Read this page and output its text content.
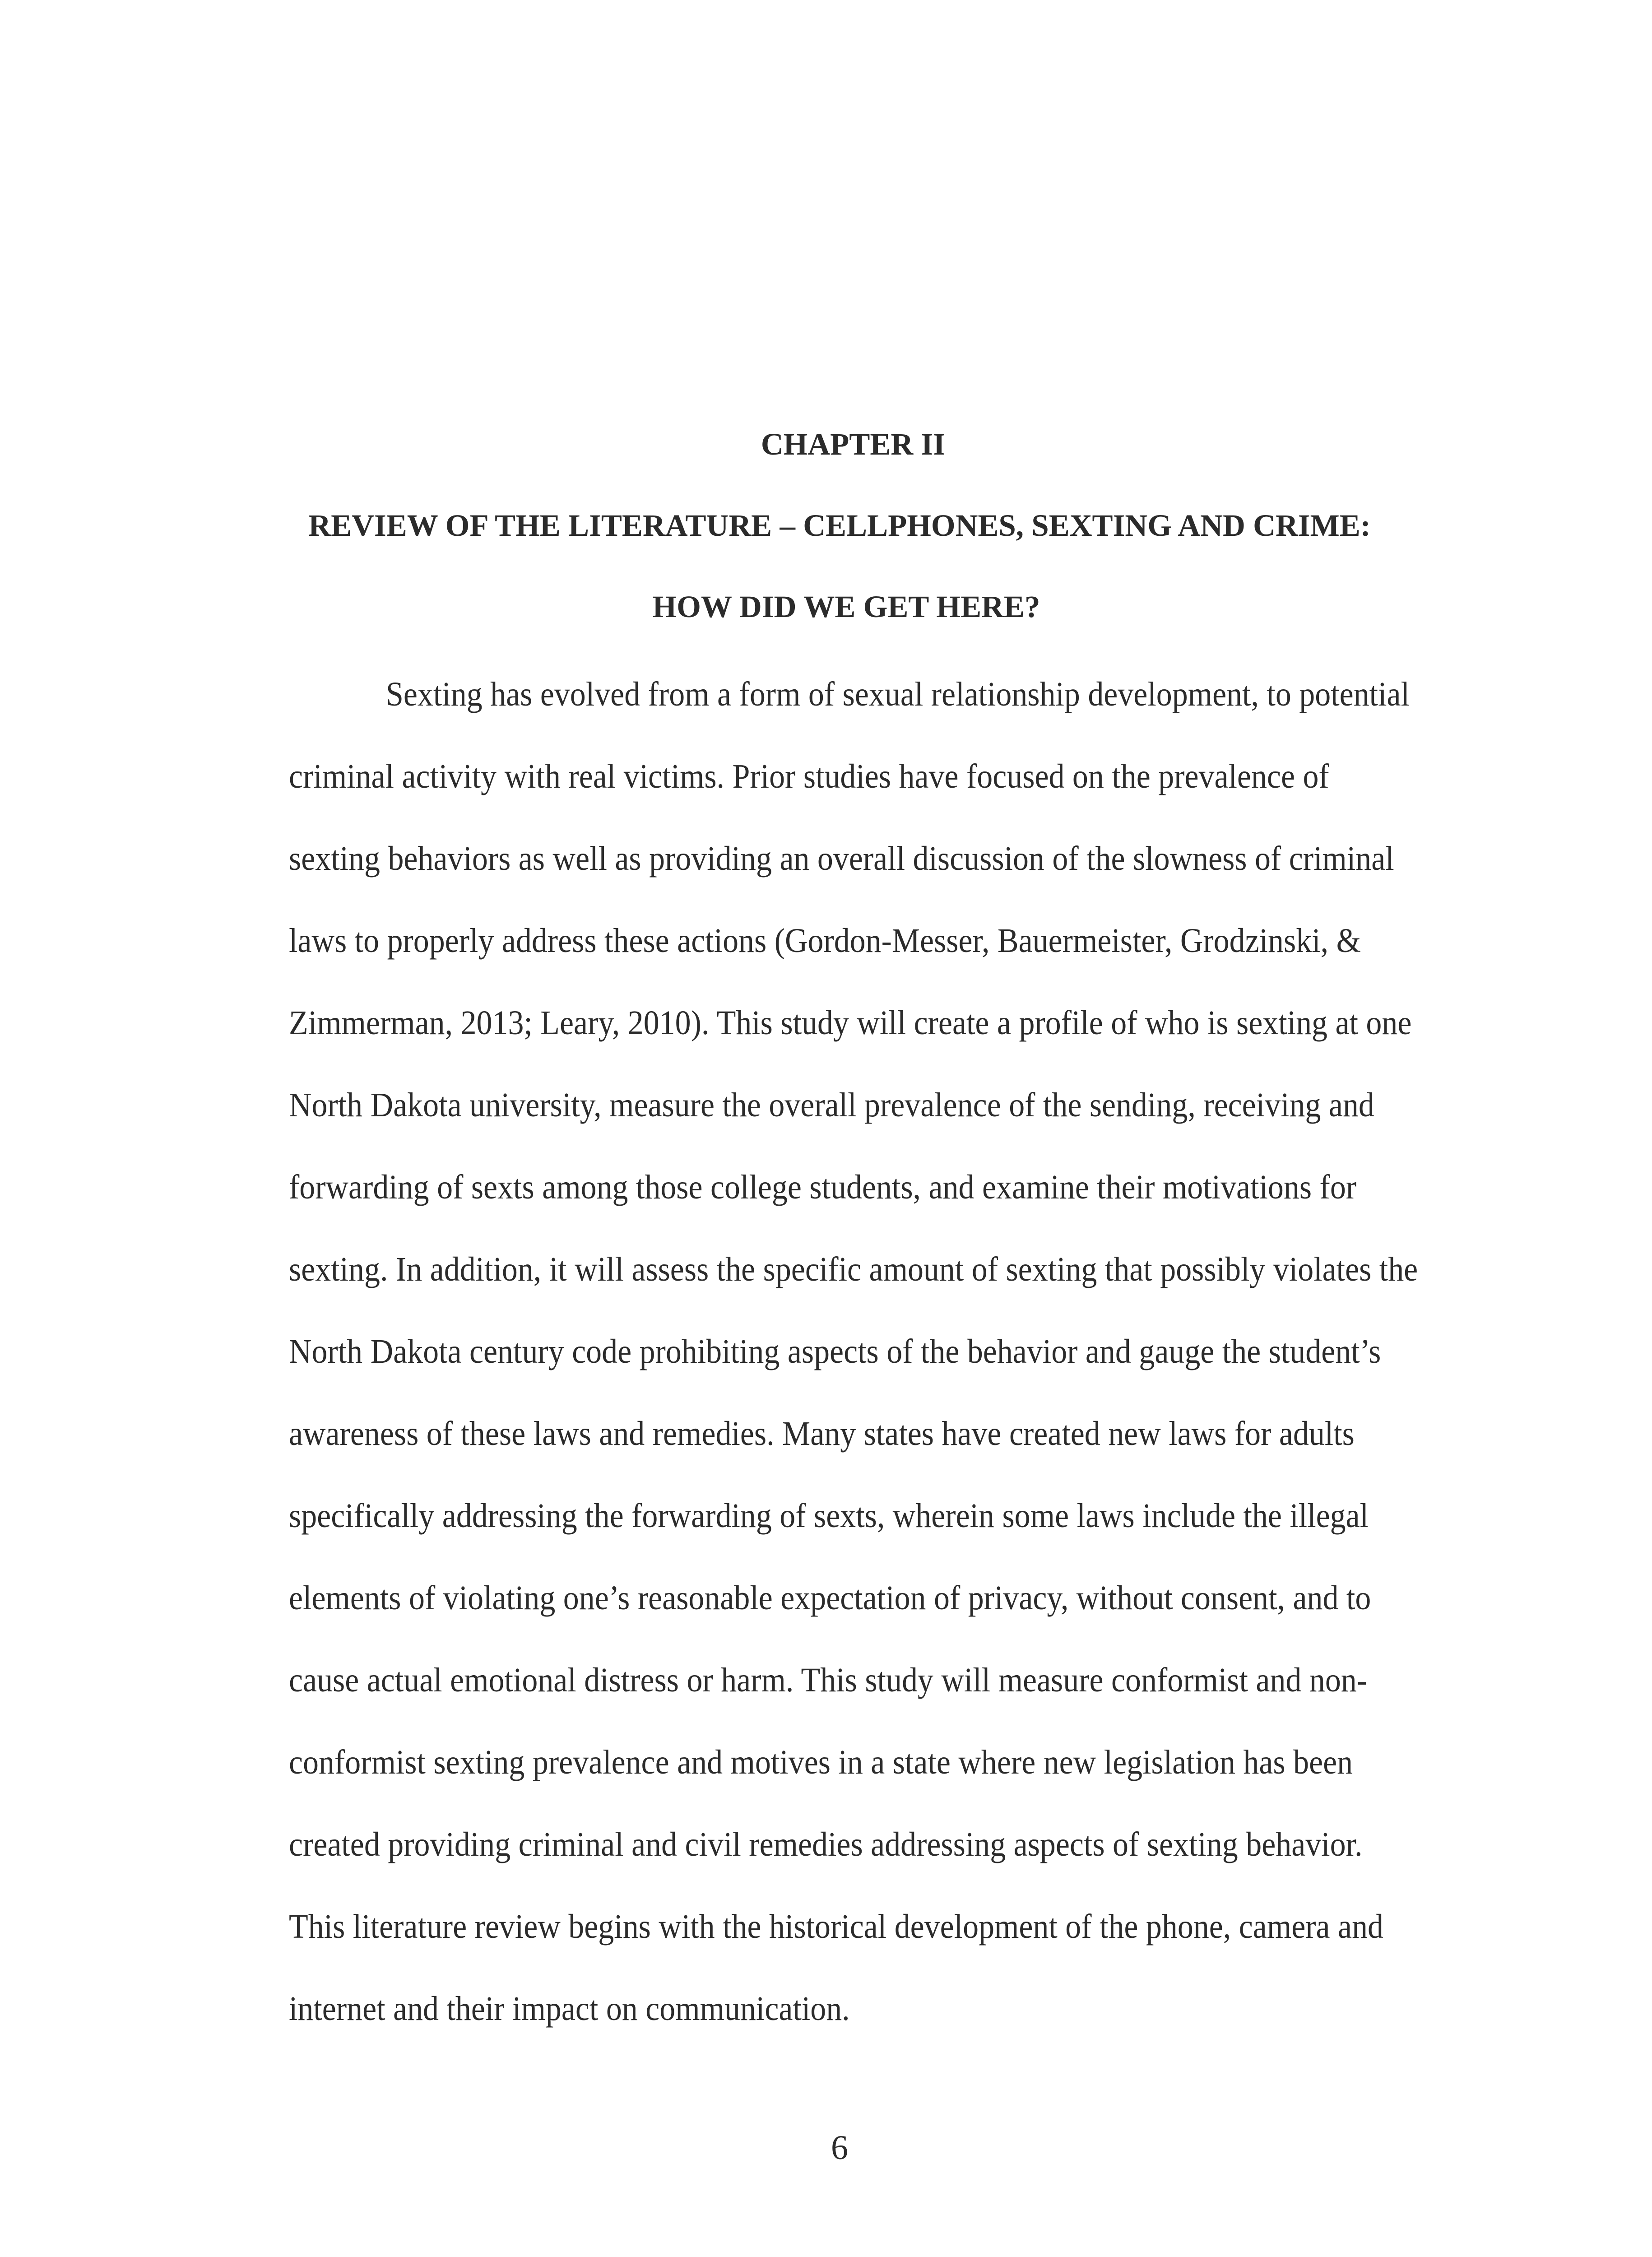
CHAPTER II
REVIEW OF THE LITERATURE – CELLPHONES, SEXTING AND CRIME:
HOW DID WE GET HERE?
Sexting has evolved from a form of sexual relationship development, to potential
criminal activity with real victims. Prior studies have focused on the prevalence of
sexting behaviors as well as providing an overall discussion of the slowness of criminal
laws to properly address these actions (Gordon-Messer, Bauermeister, Grodzinski, &
Zimmerman, 2013; Leary, 2010). This study will create a profile of who is sexting at one
North Dakota university, measure the overall prevalence of the sending, receiving and
forwarding of sexts among those college students, and examine their motivations for
sexting. In addition, it will assess the specific amount of sexting that possibly violates the
North Dakota century code prohibiting aspects of the behavior and gauge the student’s
awareness of these laws and remedies. Many states have created new laws for adults
specifically addressing the forwarding of sexts, wherein some laws include the illegal
elements of violating one’s reasonable expectation of privacy, without consent, and to
cause actual emotional distress or harm. This study will measure conformist and non-
conformist sexting prevalence and motives in a state where new legislation has been
created providing criminal and civil remedies addressing aspects of sexting behavior.
This literature review begins with the historical development of the phone, camera and
internet and their impact on communication.
6
